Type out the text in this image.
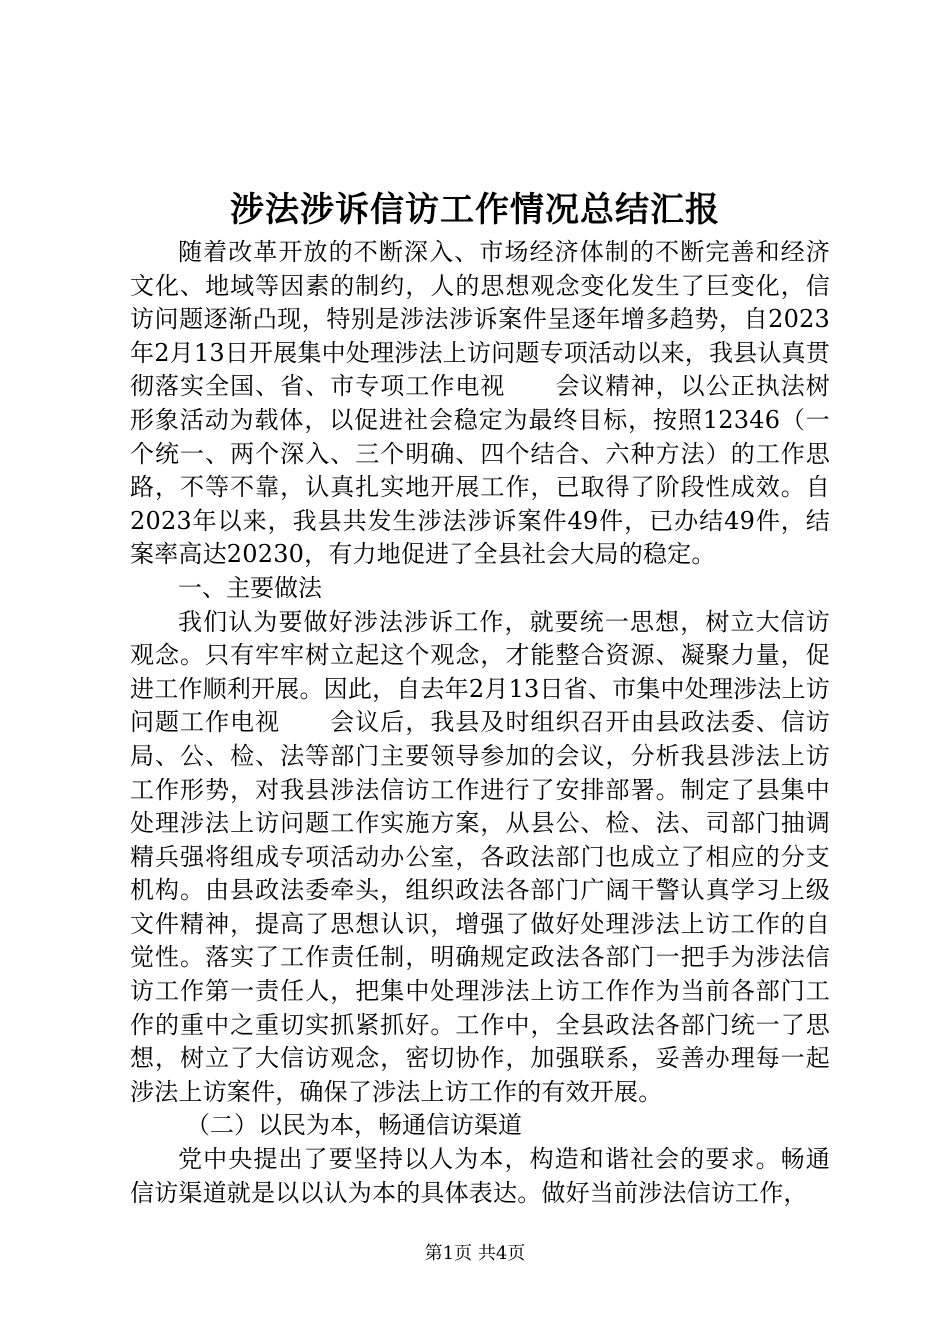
涉法涉诉信访工作情况总结汇报

随着改革开放的不断深入、市场经济体制的不断完善和经济文化、地域等因素的制约，人的思想观念变化发生了巨变化，信访问题逐渐凸现，特别是涉法涉诉案件呈逐年增多趋势，自2023年2月13日开展集中处理涉法上访问题专项活动以来，我县认真贯彻落实全国、省、市专项工作电视　　会议精神，以公正执法树形象活动为载体，以促进社会稳定为最终目标，按照12346（一个统一、两个深入、三个明确、四个结合、六种方法）的工作思路，不等不靠，认真扎实地开展工作，已取得了阶段性成效。自2023年以来，我县共发生涉法涉诉案件49件，已办结49件，结案率高达20230，有力地促进了全县社会大局的稳定。

一、主要做法

我们认为要做好涉法涉诉工作，就要统一思想，树立大信访观念。只有牢牢树立起这个观念，才能整合资源、凝聚力量，促进工作顺利开展。因此，自去年2月13日省、市集中处理涉法上访问题工作电视　　会议后，我县及时组织召开由县政法委、信访局、公、检、法等部门主要领导参加的会议，分析我县涉法上访工作形势，对我县涉法信访工作进行了安排部署。制定了县集中处理涉法上访问题工作实施方案，从县公、检、法、司部门抽调精兵强将组成专项活动办公室，各政法部门也成立了相应的分支机构。由县政法委牵头，组织政法各部门广阔干警认真学习上级文件精神，提高了思想认识，增强了做好处理涉法上访工作的自觉性。落实了工作责任制，明确规定政法各部门一把手为涉法信访工作第一责任人，把集中处理涉法上访工作作为当前各部门工作的重中之重切实抓紧抓好。工作中，全县政法各部门统一了思想，树立了大信访观念，密切协作，加强联系，妥善办理每一起涉法上访案件，确保了涉法上访工作的有效开展。

（二）以民为本，畅通信访渠道

党中央提出了要坚持以人为本，构造和谐社会的要求。畅通信访渠道就是以以认为本的具体表达。做好当前涉法信访工作，

第1页 共4页
